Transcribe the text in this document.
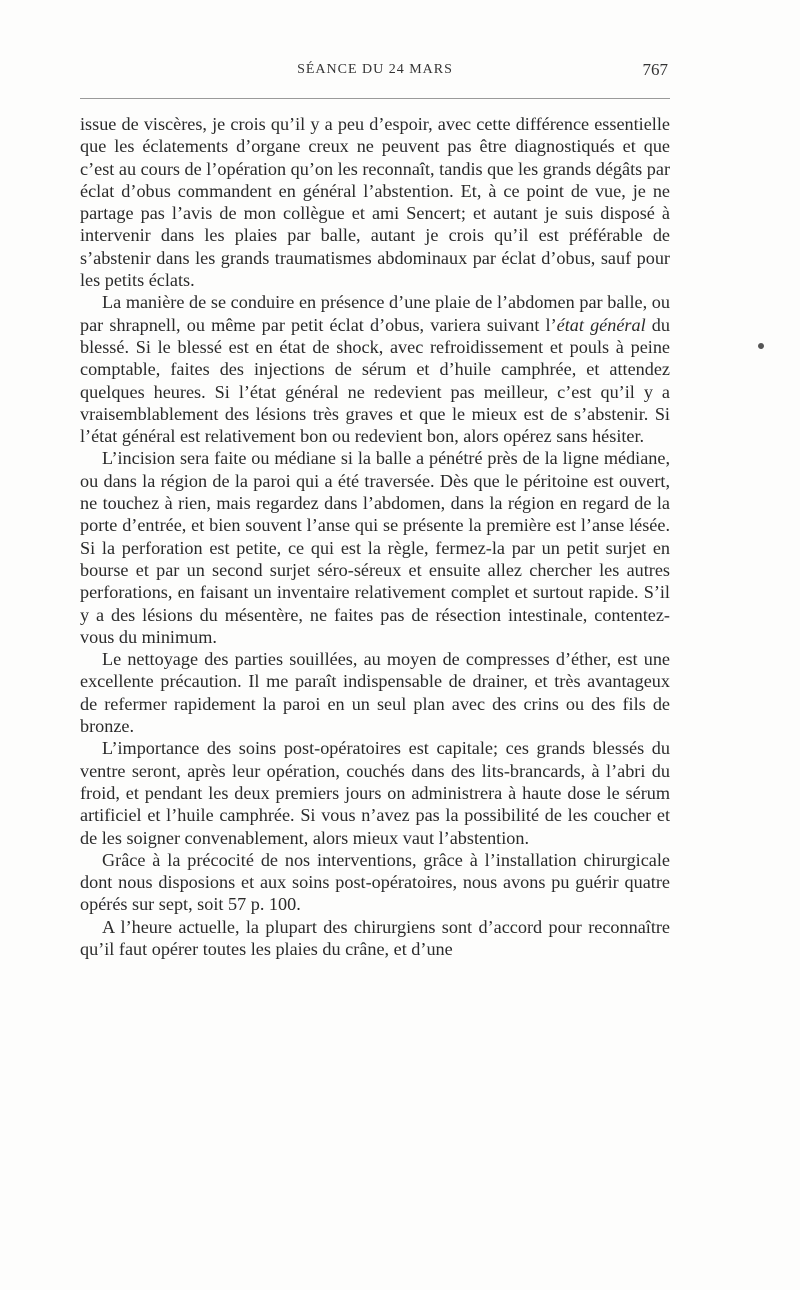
SÉANCE DU 24 MARS	767

issue de viscères, je crois qu’il y a peu d’espoir, avec cette différence essentielle que les éclatements d’organe creux ne peuvent pas être diagnostiqués et que c’est au cours de l’opération qu’on les reconnaît, tandis que les grands dégâts par éclat d’obus commandent en général l’abstention. Et, à ce point de vue, je ne partage pas l’avis de mon collègue et ami Sencert; et autant je suis disposé à intervenir dans les plaies par balle, autant je crois qu’il est préférable de s’abstenir dans les grands traumatismes abdominaux par éclat d’obus, sauf pour les petits éclats.

La manière de se conduire en présence d’une plaie de l’abdomen par balle, ou par shrapnell, ou même par petit éclat d’obus, variera suivant l’état général du blessé. Si le blessé est en état de shock, avec refroidissement et pouls à peine comptable, faites des injections de sérum et d’huile camphrée, et attendez quelques heures. Si l’état général ne redevient pas meilleur, c’est qu’il y a vraisemblablement des lésions très graves et que le mieux est de s’abstenir. Si l’état général est relativement bon ou redevient bon, alors opérez sans hésiter.

L’incision sera faite ou médiane si la balle a pénétré près de la ligne médiane, ou dans la région de la paroi qui a été traversée. Dès que le péritoine est ouvert, ne touchez à rien, mais regardez dans l’abdomen, dans la région en regard de la porte d’entrée, et bien souvent l’anse qui se présente la première est l’anse lésée. Si la perforation est petite, ce qui est la règle, fermez-la par un petit surjet en bourse et par un second surjet séro-séreux et ensuite allez chercher les autres perforations, en faisant un inventaire relativement complet et surtout rapide. S’il y a des lésions du mésentère, ne faites pas de résection intestinale, contentez-vous du minimum.

Le nettoyage des parties souillées, au moyen de compresses d’éther, est une excellente précaution. Il me paraît indispensable de drainer, et très avantageux de refermer rapidement la paroi en un seul plan avec des crins ou des fils de bronze.

L’importance des soins post-opératoires est capitale; ces grands blessés du ventre seront, après leur opération, couchés dans des lits-brancards, à l’abri du froid, et pendant les deux premiers jours on administrera à haute dose le sérum artificiel et l’huile camphrée. Si vous n’avez pas la possibilité de les coucher et de les soigner convenablement, alors mieux vaut l’abstention.

Grâce à la précocité de nos interventions, grâce à l’installation chirurgicale dont nous disposions et aux soins post-opératoires, nous avons pu guérir quatre opérés sur sept, soit 57 p. 100.

A l’heure actuelle, la plupart des chirurgiens sont d’accord pour reconnaître qu’il faut opérer toutes les plaies du crâne, et d’une
